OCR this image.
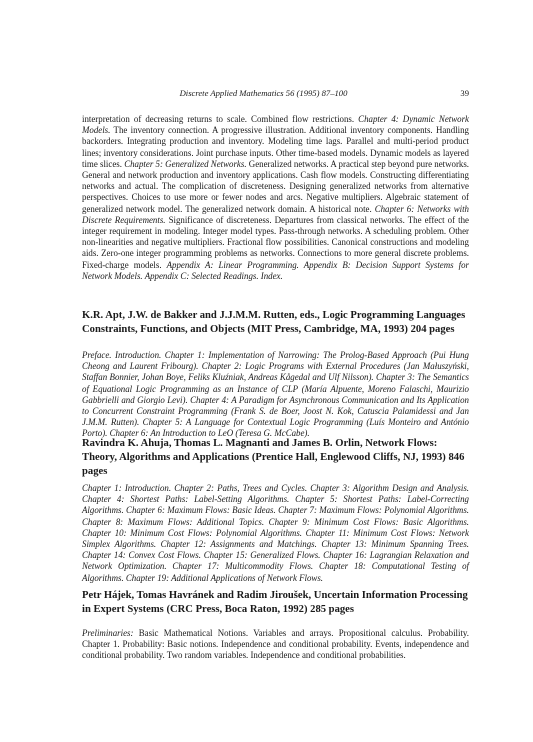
Discrete Applied Mathematics 56 (1995) 87–100	39
interpretation of decreasing returns to scale. Combined flow restrictions. Chapter 4: Dynamic Network Models. The inventory connection. A progressive illustration. Additional inventory components. Handling backorders. Integrating production and inventory. Modeling time lags. Parallel and multi-period product lines; inventory considerations. Joint purchase inputs. Other time-based models. Dynamic models as layered time slices. Chapter 5: Generalized Networks. Generalized networks. A practical step beyond pure networks. General and network production and inventory applications. Cash flow models. Constructing differentiating networks and actual. The complication of discreteness. Designing generalized networks from alternative perspectives. Choices to use more or fewer nodes and arcs. Negative multipliers. Algebraic statement of generalized network model. The generalized network domain. A historical note. Chapter 6: Networks with Discrete Requirements. Significance of discreteness. Departures from classical networks. The effect of the integer requirement in modeling. Integer model types. Pass-through networks. A scheduling problem. Other non-linearities and negative multipliers. Fractional flow possibilities. Canonical constructions and modeling aids. Zero-one integer programming problems as networks. Connections to more general discrete problems. Fixed-charge models. Appendix A: Linear Programming. Appendix B: Decision Support Systems for Network Models. Appendix C: Selected Readings. Index.
K.R. Apt, J.W. de Bakker and J.J.M.M. Rutten, eds., Logic Programming Languages Constraints, Functions, and Objects (MIT Press, Cambridge, MA, 1993) 204 pages
Preface. Introduction. Chapter 1: Implementation of Narrowing: The Prolog-Based Approach (Pui Hung Cheong and Laurent Fribourg). Chapter 2: Logic Programs with External Procedures (Jan Małuszyński, Staffan Bonnier, Johan Boye, Feliks Kluźniak, Andreas Kågedal and Ulf Nilsson). Chapter 3: The Semantics of Equational Logic Programming as an Instance of CLP (María Alpuente, Moreno Falaschi, Maurizio Gabbrielli and Giorgio Levi). Chapter 4: A Paradigm for Asynchronous Communication and Its Application to Concurrent Constraint Programming (Frank S. de Boer, Joost N. Kok, Catuscia Palamidessi and Jan J.M.M. Rutten). Chapter 5: A Language for Contextual Logic Programming (Luís Monteiro and António Porto). Chapter 6: An Introduction to LeO (Teresa G. McCabe).
Ravindra K. Ahuja, Thomas L. Magnanti and James B. Orlin, Network Flows: Theory, Algorithms and Applications (Prentice Hall, Englewood Cliffs, NJ, 1993) 846 pages
Chapter 1: Introduction. Chapter 2: Paths, Trees and Cycles. Chapter 3: Algorithm Design and Analysis. Chapter 4: Shortest Paths: Label-Setting Algorithms. Chapter 5: Shortest Paths: Label-Correcting Algorithms. Chapter 6: Maximum Flows: Basic Ideas. Chapter 7: Maximum Flows: Polynomial Algorithms. Chapter 8: Maximum Flows: Additional Topics. Chapter 9: Minimum Cost Flows: Basic Algorithms. Chapter 10: Minimum Cost Flows: Polynomial Algorithms. Chapter 11: Minimum Cost Flows: Network Simplex Algorithms. Chapter 12: Assignments and Matchings. Chapter 13: Minimum Spanning Trees. Chapter 14: Convex Cost Flows. Chapter 15: Generalized Flows. Chapter 16: Lagrangian Relaxation and Network Optimization. Chapter 17: Multicommodity Flows. Chapter 18: Computational Testing of Algorithms. Chapter 19: Additional Applications of Network Flows.
Petr Hájek, Tomas Havránek and Radim Jiroušek, Uncertain Information Processing in Expert Systems (CRC Press, Boca Raton, 1992) 285 pages
Preliminaries: Basic Mathematical Notions. Variables and arrays. Propositional calculus. Probability. Chapter 1. Probability: Basic notions. Independence and conditional probability. Events, independence and conditional probability. Two random variables. Independence and conditional probabilities.
